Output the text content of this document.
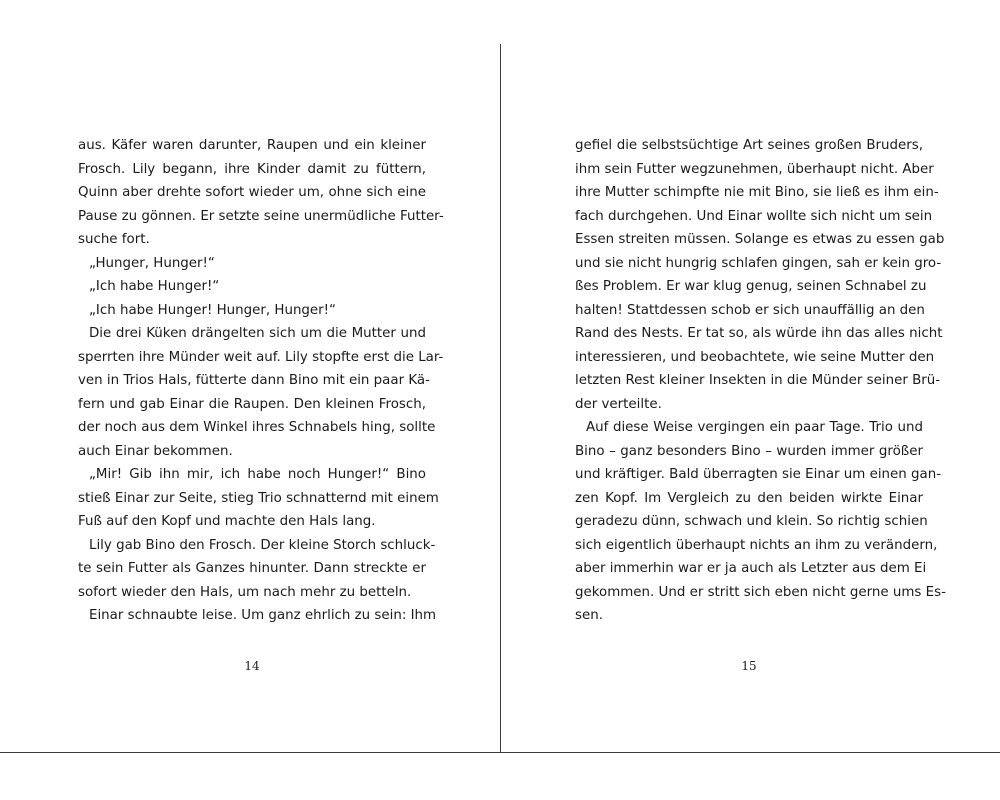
aus. Käfer waren darunter, Raupen und ein kleiner
Frosch. Lily begann, ihre Kinder damit zu füttern,
Quinn aber drehte sofort wieder um, ohne sich eine
Pause zu gönnen. Er setzte seine unermüdliche Futter-
suche fort.
„Hunger, Hunger!“
„Ich habe Hunger!“
„Ich habe Hunger! Hunger, Hunger!“
Die drei Küken drängelten sich um die Mutter und
sperrten ihre Münder weit auf. Lily stopfte erst die Lar-
ven in Trios Hals, fütterte dann Bino mit ein paar Kä-
fern und gab Einar die Raupen. Den kleinen Frosch,
der noch aus dem Winkel ihres Schnabels hing, sollte
auch Einar bekommen.
„Mir! Gib ihn mir, ich habe noch Hunger!“ Bino
stieß Einar zur Seite, stieg Trio schnatternd mit einem
Fuß auf den Kopf und machte den Hals lang.
Lily gab Bino den Frosch. Der kleine Storch schluck-
te sein Futter als Ganzes hinunter. Dann streckte er
sofort wieder den Hals, um nach mehr zu betteln.
Einar schnaubte leise. Um ganz ehrlich zu sein: Ihm
gefiel die selbstsüchtige Art seines großen Bruders,
ihm sein Futter wegzunehmen, überhaupt nicht. Aber
ihre Mutter schimpfte nie mit Bino, sie ließ es ihm ein-
fach durchgehen. Und Einar wollte sich nicht um sein
Essen streiten müssen. Solange es etwas zu essen gab
und sie nicht hungrig schlafen gingen, sah er kein gro-
ßes Problem. Er war klug genug, seinen Schnabel zu
halten! Stattdessen schob er sich unauffällig an den
Rand des Nests. Er tat so, als würde ihn das alles nicht
interessieren, und beobachtete, wie seine Mutter den
letzten Rest kleiner Insekten in die Münder seiner Brü-
der verteilte.
Auf diese Weise vergingen ein paar Tage. Trio und
Bino – ganz besonders Bino – wurden immer größer
und kräftiger. Bald überragten sie Einar um einen gan-
zen Kopf. Im Vergleich zu den beiden wirkte Einar
geradezu dünn, schwach und klein. So richtig schien
sich eigentlich überhaupt nichts an ihm zu verändern,
aber immerhin war er ja auch als Letzter aus dem Ei
gekommen. Und er stritt sich eben nicht gerne ums Es-
sen.
14	15
